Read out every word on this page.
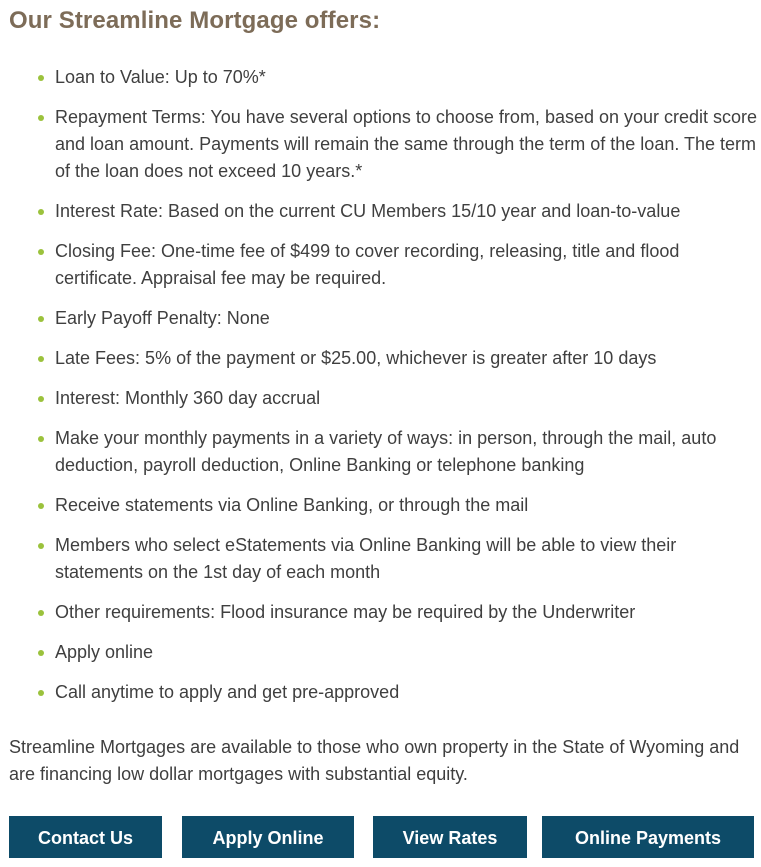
Our Streamline Mortgage offers:
Loan to Value: Up to 70%*
Repayment Terms: You have several options to choose from, based on your credit score and loan amount. Payments will remain the same through the term of the loan. The term of the loan does not exceed 10 years.*
Interest Rate: Based on the current CU Members 15/10 year and loan-to-value
Closing Fee: One-time fee of $499 to cover recording, releasing, title and flood certificate. Appraisal fee may be required.
Early Payoff Penalty: None
Late Fees: 5% of the payment or $25.00, whichever is greater after 10 days
Interest: Monthly 360 day accrual
Make your monthly payments in a variety of ways: in person, through the mail, auto deduction, payroll deduction, Online Banking or telephone banking
Receive statements via Online Banking, or through the mail
Members who select eStatements via Online Banking will be able to view their statements on the 1st day of each month
Other requirements: Flood insurance may be required by the Underwriter
Apply online
Call anytime to apply and get pre-approved

Streamline Mortgages are available to those who own property in the State of Wyoming and are financing low dollar mortgages with substantial equity.

Contact Us	Apply Online	View Rates	Online Payments
